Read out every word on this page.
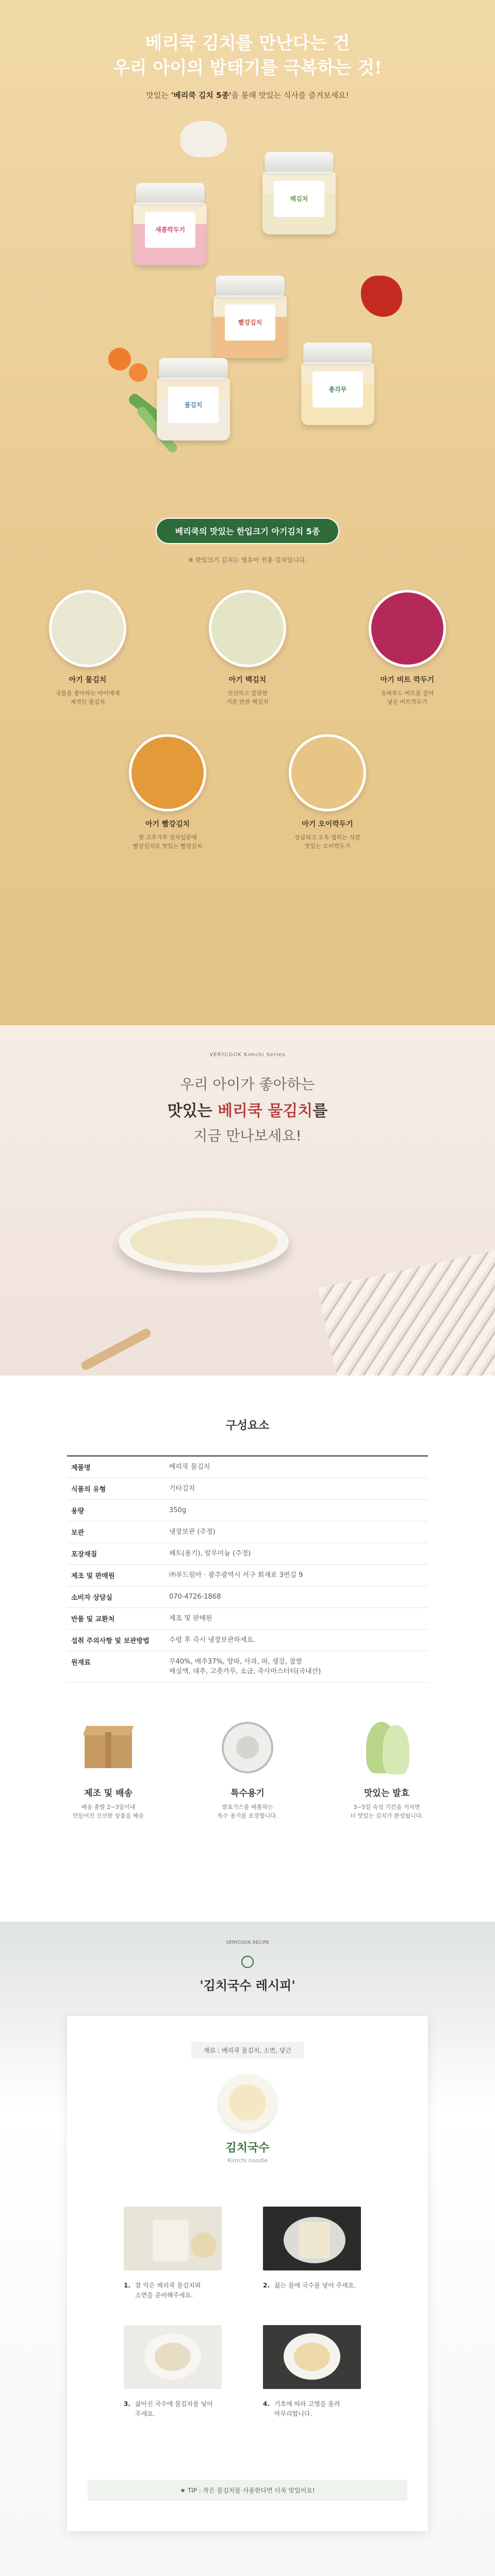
베리쿡 김치를 만난다는 건
우리 아이의 밥태기를 극복하는 것!

맛있는 '베리쿡 김치 5종'을 통해 맛있는 식사를 즐겨보세요!

새콤깍두기
백김치
빨강김치
물김치
총각무
베리쿡의 맛있는 한입크기 아기김치 5종

※ 한입크기 김치는 영유아 전용 김치입니다.

아기 물김치
국물을 좋아하는 아이에게
제격인 물김치
아기 백김치
신선하고 깔끔한
기본 반찬 백김치
아기 비트 깍두기
슈퍼푸드 비트를 갈아
넣은 비트깍두기
아기 빨강김치
첫 고추가루 김치입문에
빨강김치로 맛있는 빨강김치
아기 오이깍두기
상큼하고 오독 씹히는 식감
맛있는 오이깍두기

VERYCOOK Kimchi Series

우리 아이가 좋아하는

맛있는 베리쿡 물김치를

지금 만나보세요!

구성요소
제품명	베리쿡 물김치
식품의 유형	기타김치
용량	350g
보관	냉장보관 (주정)
포장재질	페트(용기), 알루미늄 (주정)
제조 및 판매원	㈜푸드림아 · 광주광역시 서구 회재로 3번길 9
소비자 상담실	070-4726-1868
반품 및 교환처	제조 및 판매원
섭취 주의사항 및 보관방법	수령 후 즉시 냉장보관하세요.
원재료	무40%, 배추37%, 양파, 사과, 파, 생강, 찹쌀
매실액, 대추, 고춧가루, 소금, 죽사마스터티(국내산)
제조 및 배송
배송 출발 2~3일이내
만들어진 신선한 상품을 배송
특수용기
발효가스를 배출하는
특수 용기를 포장합니다.
맛있는 발효
3~5일 숙성 기간을 거치면
더 맛있는 김치가 완성됩니다.

VERYCOOK RECIPE

'김치국수 레시피'
재료 : 베리쿡 물김치, 소면, 당근
김치국수
Kimchi noodle
1. 잘 익은 베리쿡 물김치와
소면을 준비해주세요.
2. 끓는 물에 국수를 넣어 주세요.
3. 삶아진 국수에 물김치를 넣어
주세요.
4. 기호에 따라 고명을 올려
마무리합니다.
★ TIP : 작은 물김치를 사용한다면 더욱 맛있어요!
